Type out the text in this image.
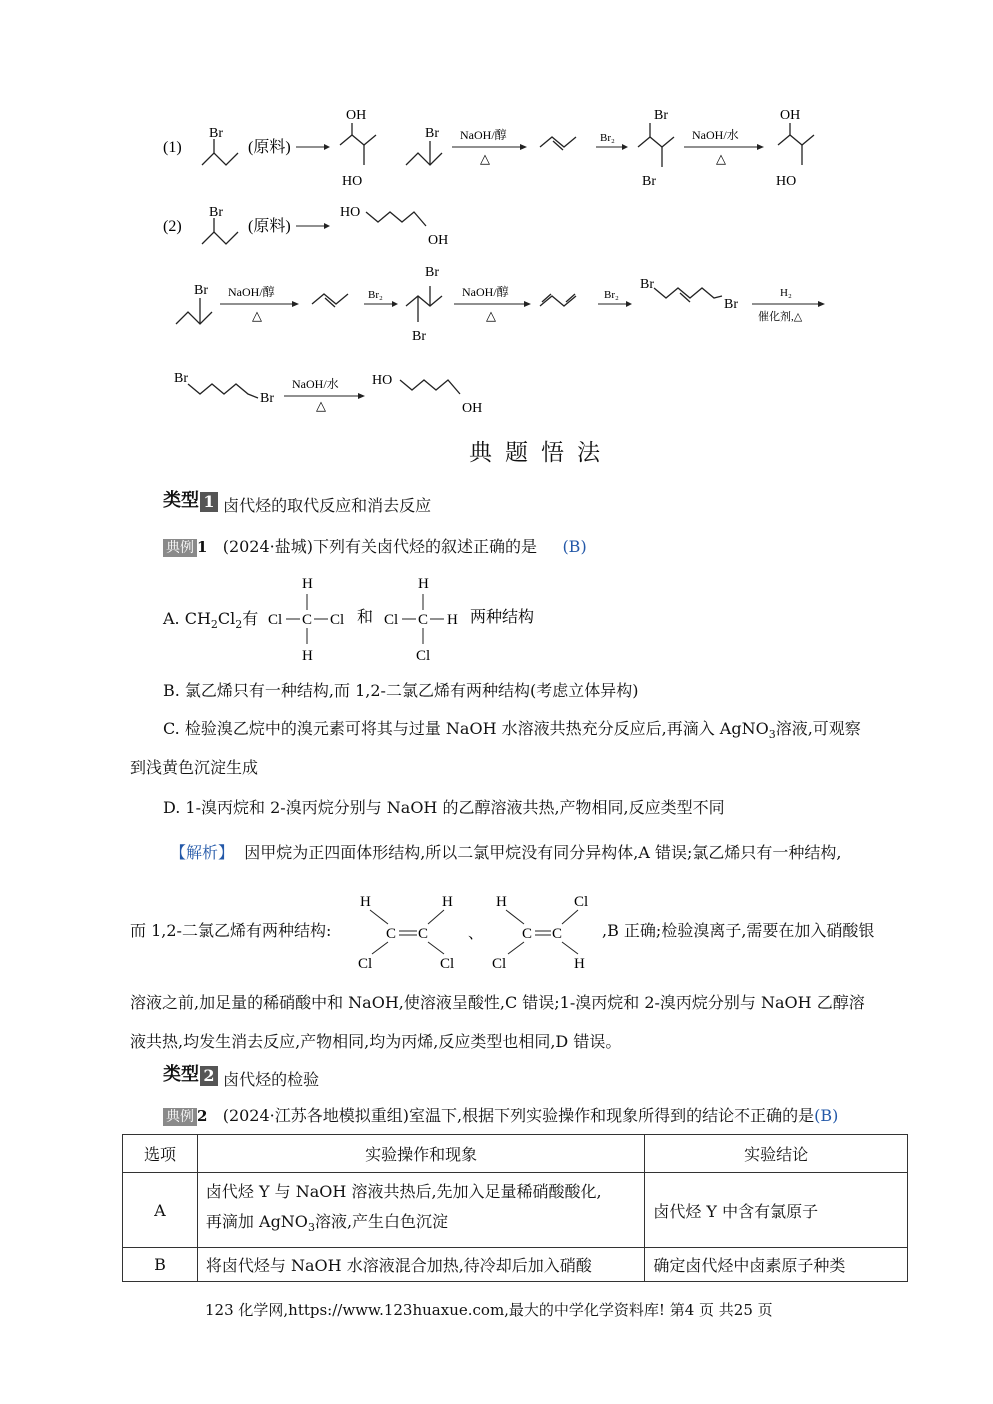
(1)
Br
(原料)
OH
HO
Br NaOH/醇
△
Br₂
Br
Br
NaOH/水
△
OH
HO
(2)
Br
(原料)
HO
OH
Br NaOH/醇
△
Br₂
Br
Br
NaOH/醇
△
Br₂
Br
Br
H₂
催化剂,△
Br
Br
NaOH/水
△
HO
OH
典题悟法
类型 1 卤代烃的取代反应和消去反应
典例 1 (2024·盐城)下列有关卤代烃的叙述正确的是 (B)
A. $CH_2Cl_2$有
H
Cl C Cl
H
和
H
Cl C H
Cl
两种结构
B. 氯乙烯只有一种结构,而 1,2-二氯乙烯有两种结构(考虑立体异构)
C. 检验溴乙烷中的溴元素可将其与过量 NaOH 水溶液共热充分反应后,再滴入 AgNO$_3$溶液,可观察
到浅黄色沉淀生成
D. 1-溴丙烷和 2-溴丙烷分别与 NaOH 的乙醇溶液共热,产物相同,反应类型不同
【解析】 因甲烷为正四面体形结构,所以二氯甲烷没有同分异构体,A 错误;氯乙烯只有一种结构,
而 1,2-二氯乙烯有两种结构:
H	H
C C
Cl	Cl
、
H	Cl
C C
Cl	H
,B 正确;检验溴离子,需要在加入硝酸银
溶液之前,加足量的稀硝酸中和 NaOH,使溶液呈酸性,C 错误;1-溴丙烷和 2-溴丙烷分别与 NaOH 乙醇溶
液共热,均发生消去反应,产物相同,均为丙烯,反应类型也相同,D 错误。
类型 2 卤代烃的检验
典例 2 (2024·江苏各地模拟重组)室温下,根据下列实验操作和现象所得到的结论不正确的是(B)
选项	实验操作和现象	实验结论
A	卤代烃 Y 与 NaOH 溶液共热后,先加入足量稀硝酸酸化,
再滴加 AgNO$_3$溶液,产生白色沉淀	卤代烃 Y 中含有氯原子
B	将卤代烃与 NaOH 水溶液混合加热,待冷却后加入硝酸	确定卤代烃中卤素原子种类
123 化学网,https://www.123huaxue.com,最大的中学化学资料库! 第4 页 共25 页
